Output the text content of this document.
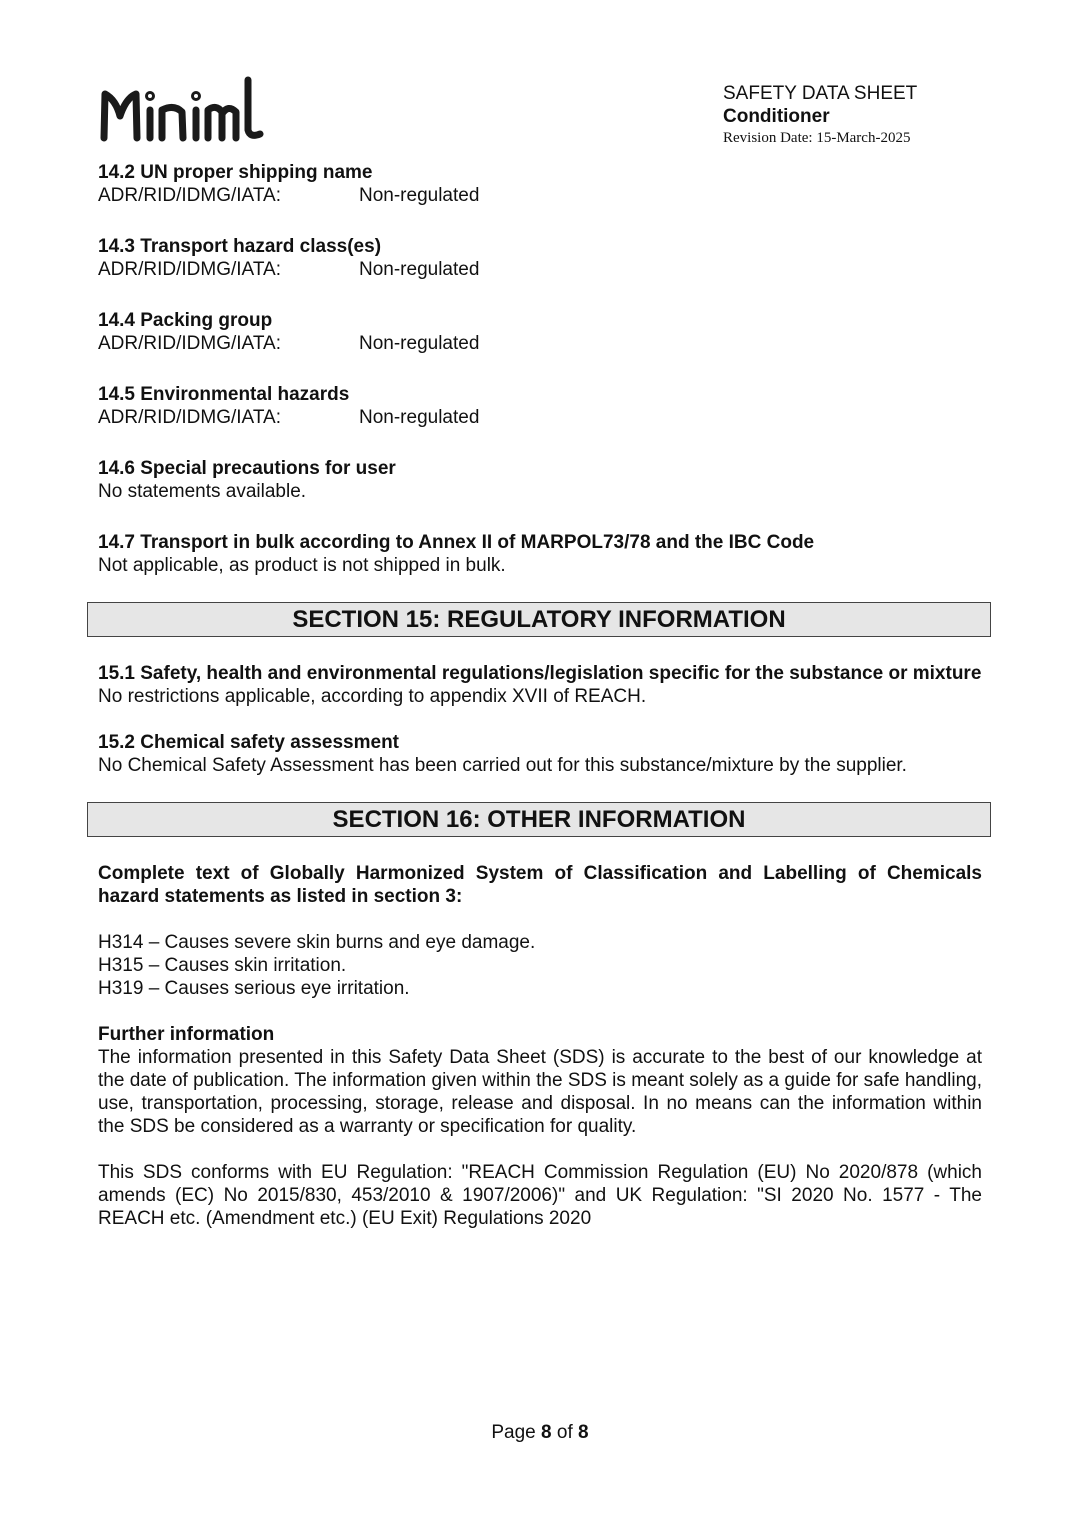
SAFETY DATA SHEET
Conditioner
Revision Date: 15-March-2025
14.2 UN proper shipping name
ADR/RID/IDMG/IATA:	Non-regulated
14.3 Transport hazard class(es)
ADR/RID/IDMG/IATA:	Non-regulated
14.4 Packing group
ADR/RID/IDMG/IATA:	Non-regulated
14.5 Environmental hazards
ADR/RID/IDMG/IATA:	Non-regulated
14.6 Special precautions for user
No statements available.
14.7 Transport in bulk according to Annex II of MARPOL73/78 and the IBC Code
Not applicable, as product is not shipped in bulk.
SECTION 15: REGULATORY INFORMATION
15.1 Safety, health and environmental regulations/legislation specific for the substance or mixture
No restrictions applicable, according to appendix XVII of REACH.
15.2 Chemical safety assessment
No Chemical Safety Assessment has been carried out for this substance/mixture by the supplier.
SECTION 16: OTHER INFORMATION
Complete text of Globally Harmonized System of Classification and Labelling of Chemicals hazard statements as listed in section 3:
H314 – Causes severe skin burns and eye damage.
H315 – Causes skin irritation.
H319 – Causes serious eye irritation.
Further information
The information presented in this Safety Data Sheet (SDS) is accurate to the best of our knowledge at the date of publication. The information given within the SDS is meant solely as a guide for safe handling, use, transportation, processing, storage, release and disposal. In no means can the information within the SDS be considered as a warranty or specification for quality.
This SDS conforms with EU Regulation: "REACH Commission Regulation (EU) No 2020/878 (which amends (EC) No 2015/830, 453/2010 & 1907/2006)" and UK Regulation: "SI 2020 No. 1577 - The REACH etc. (Amendment etc.) (EU Exit) Regulations 2020
Page 8 of 8
